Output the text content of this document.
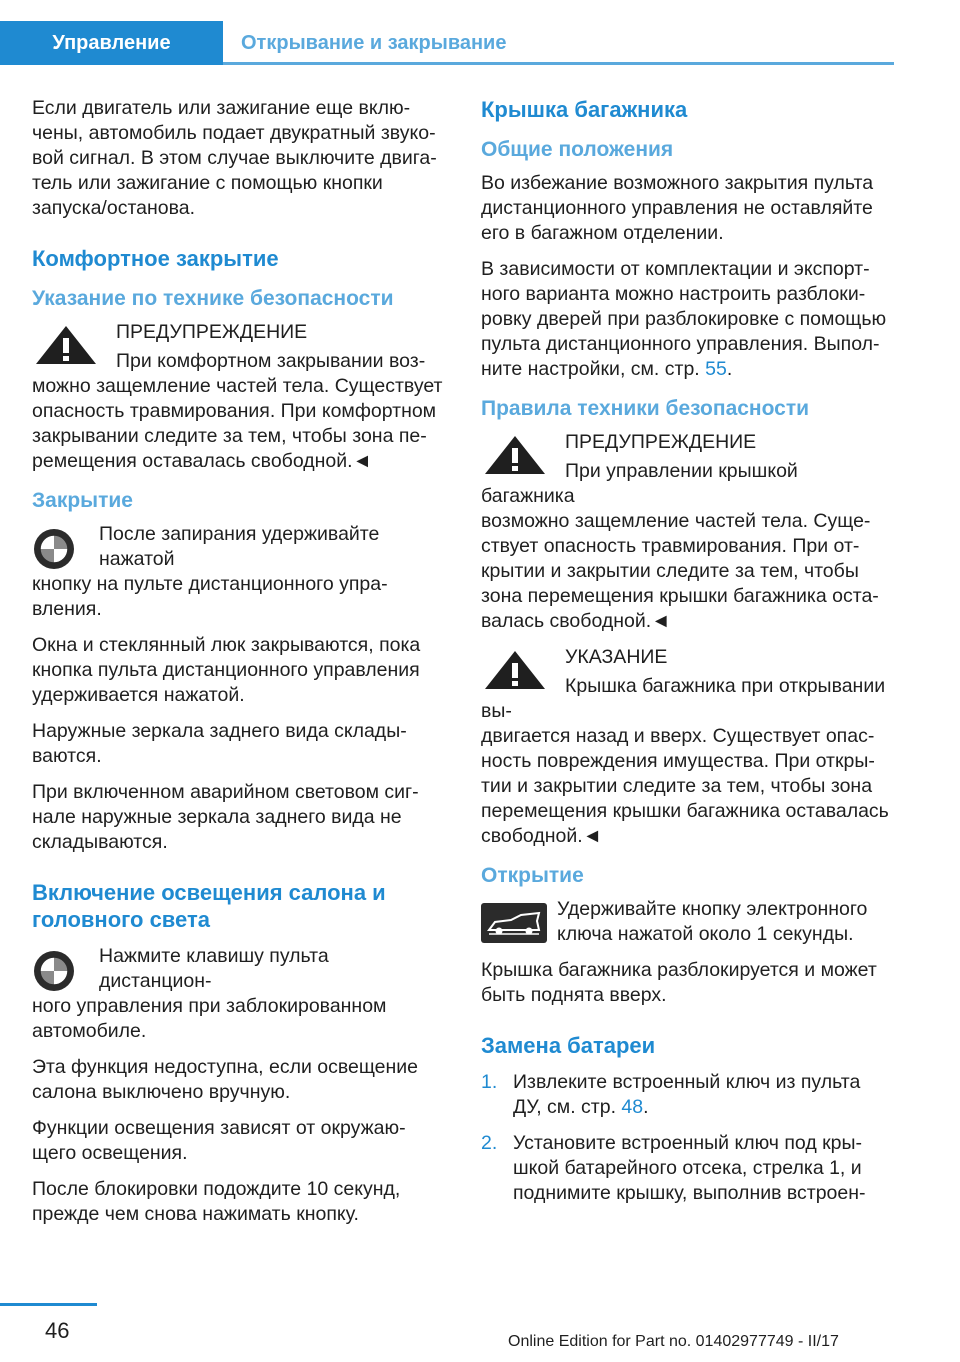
Управление	Открывание и закрывание

Если двигатель или зажигание еще вклю-
чены, автомобиль подает двукратный звуко-
вой сигнал. В этом случае выключите двига-
тель или зажигание с помощью кнопки
запуска/останова.

Комфортное закрытие
Указание по технике безопасности
ПРЕДУПРЕЖДЕНИЕ
При комфортном закрывании воз-
можно защемление частей тела. Существует
опасность травмирования. При комфортном
закрывании следите за тем, чтобы зона пе-
ремещения оставалась свободной.◄
Закрытие
После запирания удерживайте нажатой
кнопку на пульте дистанционного упра-
вления.

Окна и стеклянный люк закрываются, пока
кнопка пульта дистанционного управления
удерживается нажатой.

Наружные зеркала заднего вида склады-
ваются.

При включенном аварийном световом сиг-
нале наружные зеркала заднего вида не
складываются.

Включение освещения салона и
головного света
Нажмите клавишу пульта дистанцион-
ного управления при заблокированном
автомобиле.

Эта функция недоступна, если освещение
салона выключено вручную.

Функции освещения зависят от окружаю-
щего освещения.

После блокировки подождите 10 секунд,
прежде чем снова нажимать кнопку.

Крышка багажника
Общие положения

Во избежание возможного закрытия пульта
дистанционного управления не оставляйте
его в багажном отделении.

В зависимости от комплектации и экспорт-
ного варианта можно настроить разблоки-
ровку дверей при разблокировке с помощью
пульта дистанционного управления. Выпол-
ните настройки, см. стр. 55.

Правила техники безопасности
ПРЕДУПРЕЖДЕНИЕ
При управлении крышкой багажника
возможно защемление частей тела. Суще-
ствует опасность травмирования. При от-
крытии и закрытии следите за тем, чтобы
зона перемещения крышки багажника оста-
валась свободной.◄
УКАЗАНИЕ
Крышка багажника при открывании вы-
двигается назад и вверх. Существует опас-
ность повреждения имущества. При откры-
тии и закрытии следите за тем, чтобы зона
перемещения крышки багажника оставалась
свободной.◄
Открытие
Удерживайте кнопку электронного
ключа нажатой около 1 секунды.

Крышка багажника разблокируется и может
быть поднята вверх.

Замена батареи
1. Извлеките встроенный ключ из пульта
ДУ, см. стр. 48.
2. Установите встроенный ключ под кры-
шкой батарейного отсека, стрелка 1, и
поднимите крышку, выполнив встроен-
46	Online Edition for Part no. 01402977749 - II/17
